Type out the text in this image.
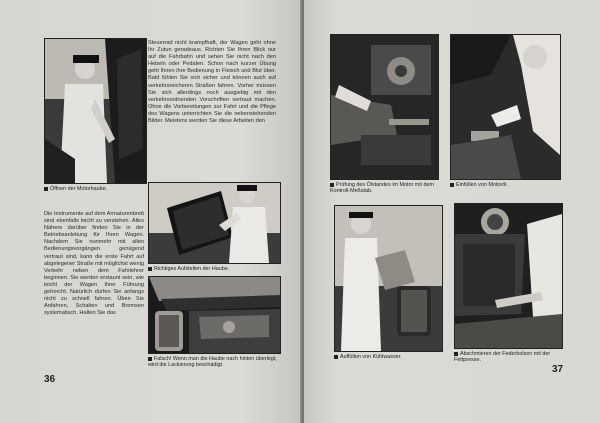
Öffnen der Motorhaube.
Steuerrad nicht krampfhaft, der Wagen geht ohne Ihr Zutun geradeaus. Richten Sie Ihren Blick nur auf die Fahrbahn und sehen Sie nicht nach den Hebeln oder Pedalen. Schon nach kurzer Übung geht Ihnen ihre Bedienung in Fleisch und Blut über. Bald fühlen Sie sich sicher und können auch auf verkehrsreicheren Straßen fahren. Vorher müssen Sie sich allerdings noch ausgiebig mit den verkehrsordnenden Vorschriften vertraut machen. Ohne die Vorbereitungen zur Fahrt und die Pflege des Wagens unterrichten Sie die nebenstehenden Bilder. Meistens werden Sie diese Arbeiten den
Die Instrumente auf dem Armaturenbrett sind ebenfalls leicht zu verstehen. Alles Nähere darüber finden Sie in der Betriebsanleitung für Ihren Wagen. Nachdem Sie nunmehr mit allen Bedienungsvorgängen genügend vertraut sind, kann die erste Fahrt auf abgelegener Straße mit möglichst wenig Verkehr neben dem Fahrlehrer beginnen. Sie werden erstaunt sein, wie leicht der Wagen Ihrer Führung gehorcht. Natürlich dürfen Sie anfangs nicht zu schnell fahren. Üben Sie Anfahren, Schalten und Bremsen systematisch. Halten Sie das
Richtiges Aufstellen der Haube.
Falsch! Wenn man die Haube nach hinten überlegt, wird die Lackierung beschädigt.
36
Prüfung des Ölstandes im Motor mit dem Kontroll-Meßstab.
Einfüllen von Motoröl.
Auffüllen von Kühlwasser.	Abschmieren der Federbolzen mit der Fettpresse.
37
